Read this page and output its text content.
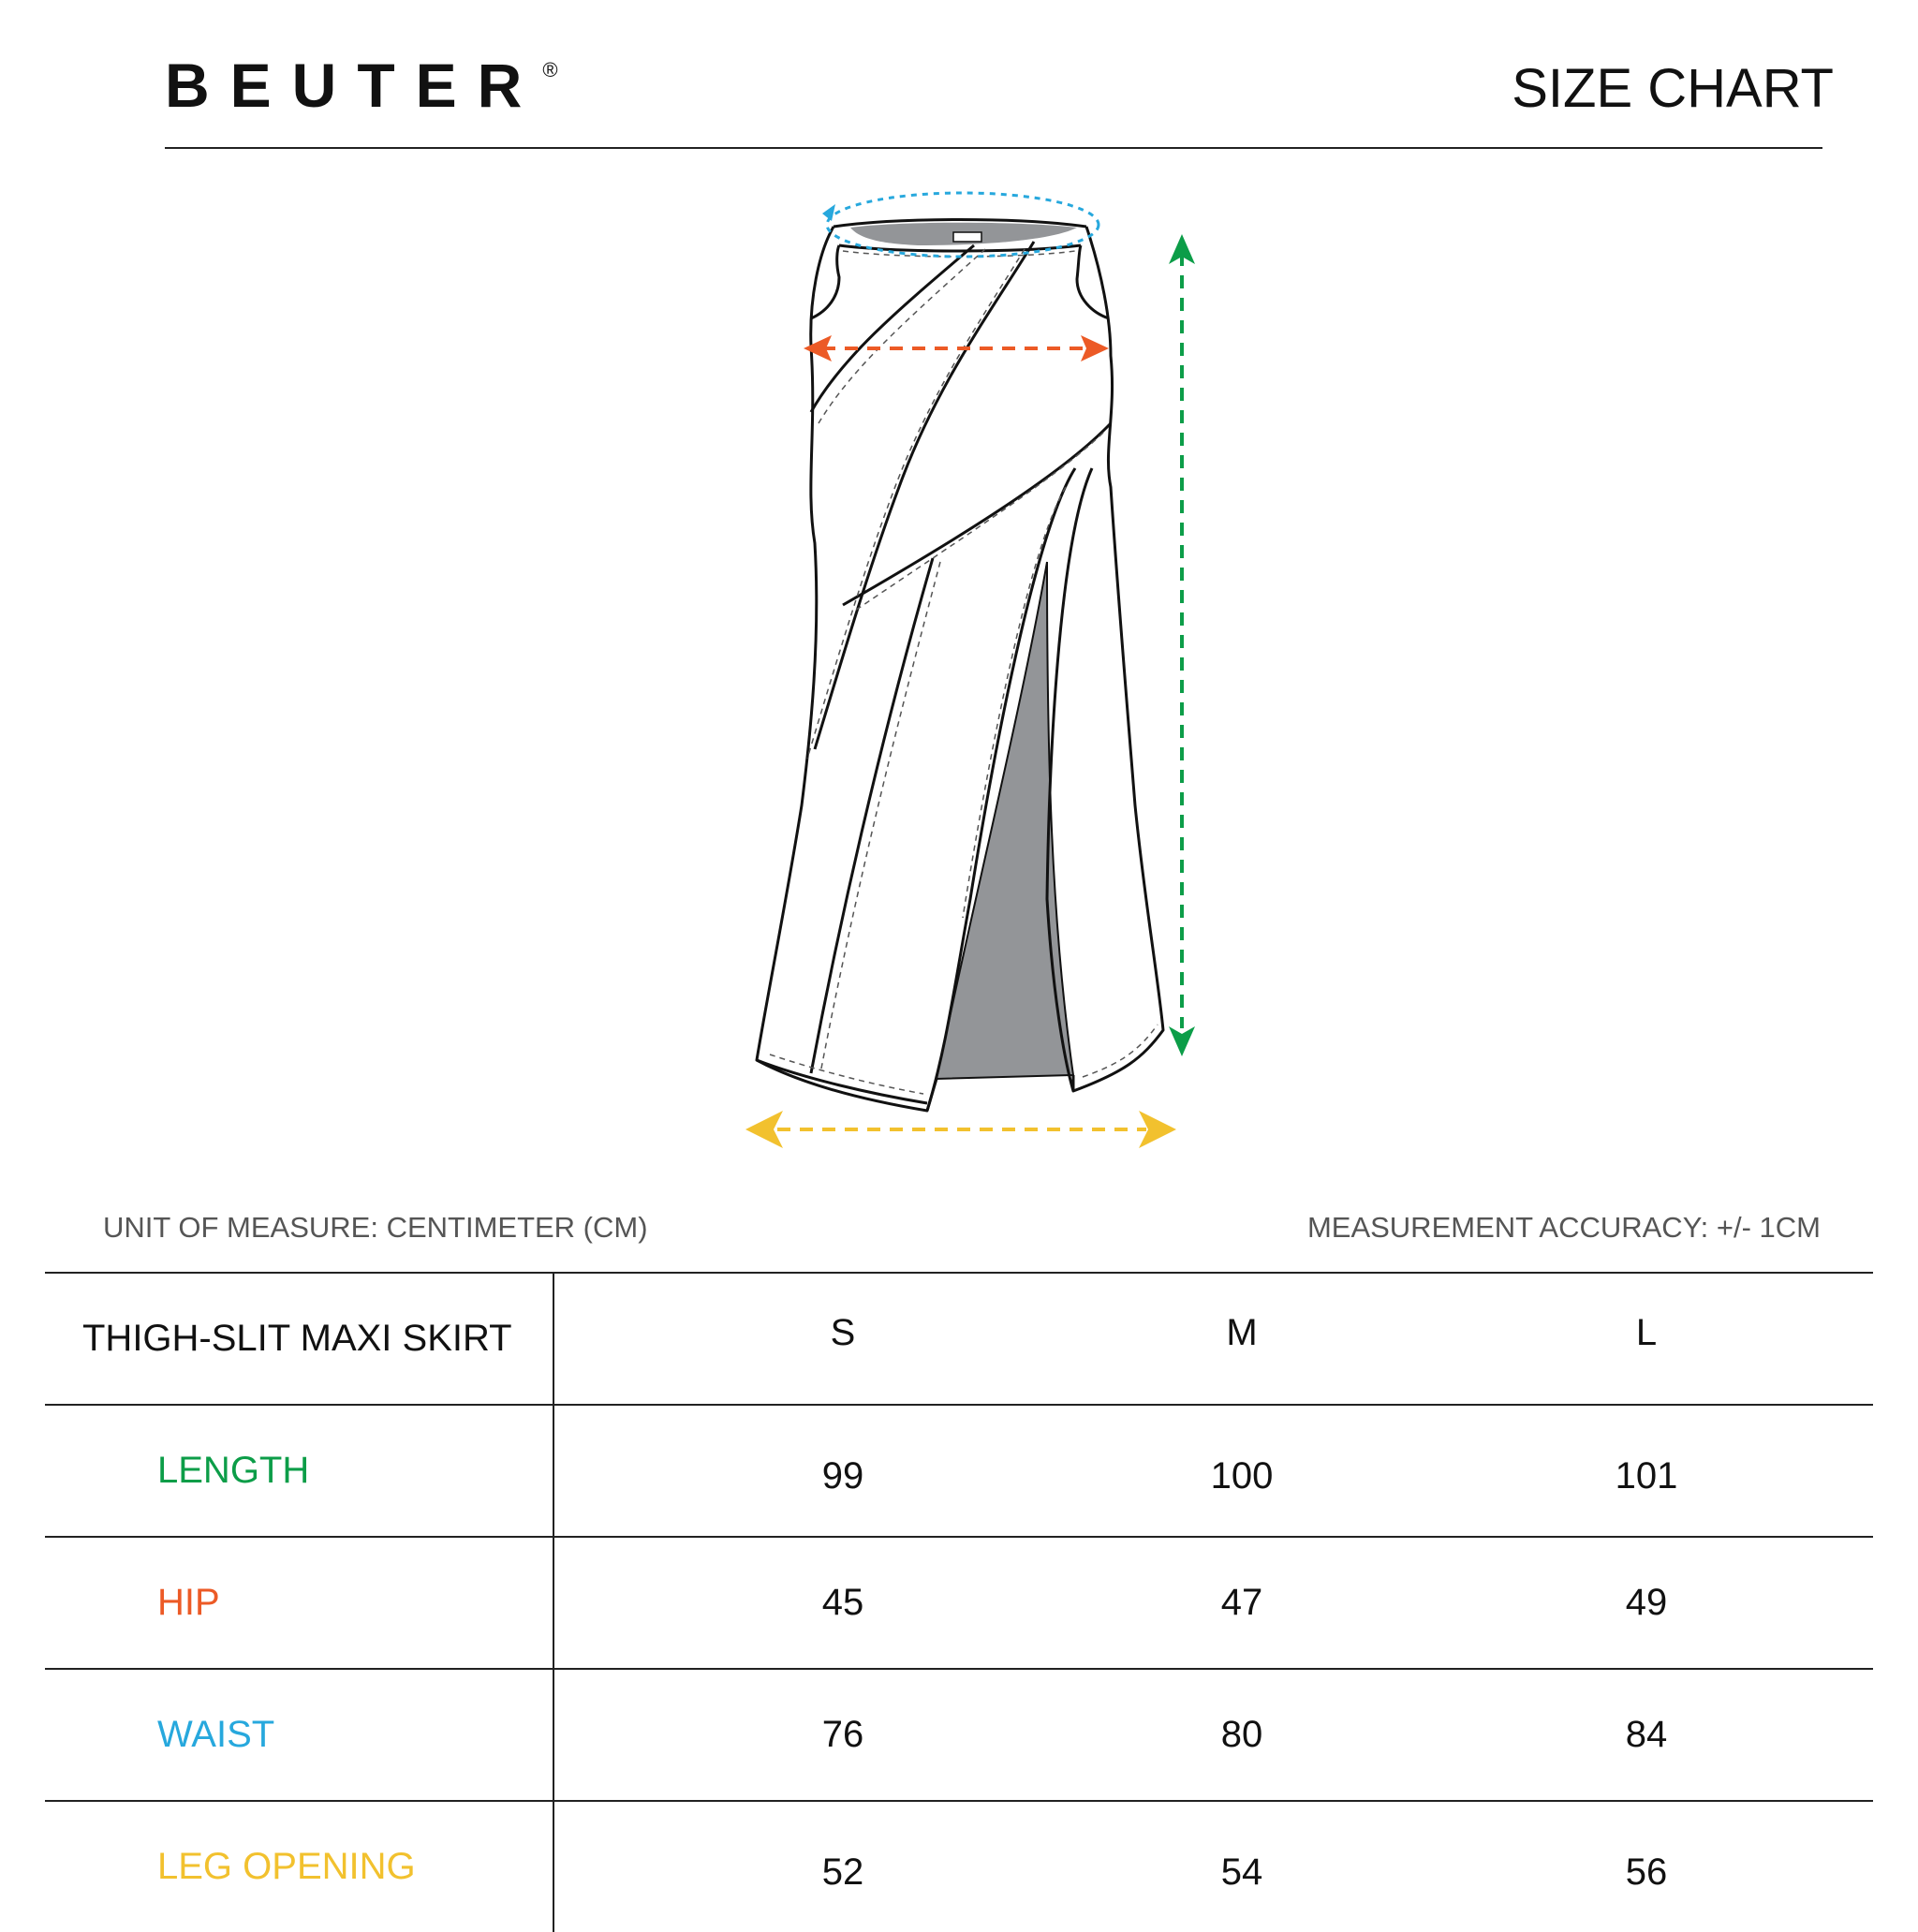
BEUTER®	SIZE CHART
UNIT OF MEASURE: CENTIMETER (CM)	MEASUREMENT ACCURACY: +/- 1CM
THIGH-SLIT MAXI SKIRT	S	M	L
LENGTH	99	100	101
HIP	45	47	49
WAIST	76	80	84
LEG OPENING	52	54	56
